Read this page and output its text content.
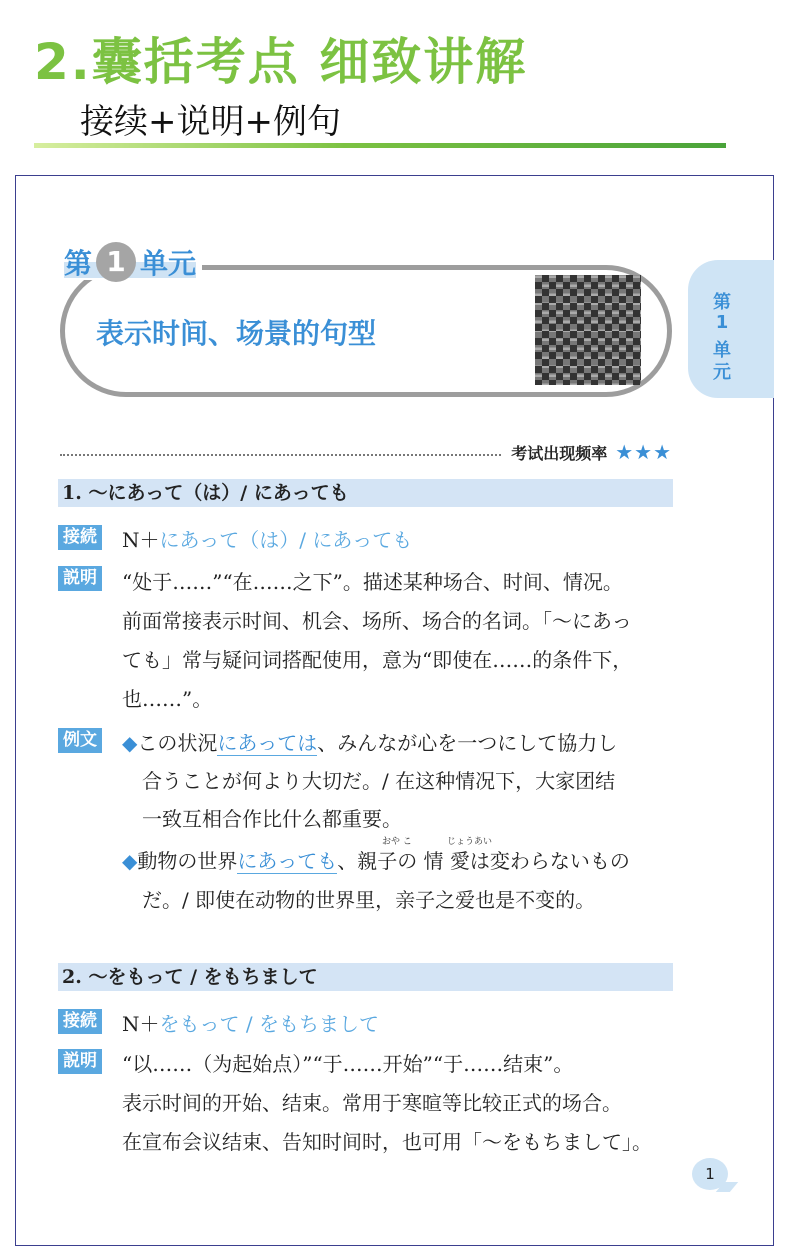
2.囊括考点 细致讲解
接续+说明+例句
第 1 单元
表示时间、场景的句型
第
1
单
元
考试出现频率 ★★★
1. ～にあって（は）/ にあっても
接続 N＋にあって（は）/ にあっても
説明 “处于……”“在……之下”。描述某种场合、时间、情况。
前面常接表示时间、机会、场所、场合的名词。「～にあっ
ても」常与疑问词搭配使用，意为“即使在……的条件下，
也……”。
例文 ◆この状況にあっては、みんなが心を一つにして協力し
合うことが何より大切だ。/ 在这种情况下，大家团结
一致互相合作比什么都重要。
おや こ	じょうあい
◆動物の世界にあっても、親子の 情 愛は変わらないもの
だ。/ 即使在动物的世界里，亲子之爱也是不变的。
2. ～をもって / をもちまして
接続 N＋をもって / をもちまして
説明 “以……（为起始点）”“于……开始”“于……结束”。
表示时间的开始、结束。常用于寒暄等比较正式的场合。
在宣布会议结束、告知时间时，也可用「～をもちまして」。
1
